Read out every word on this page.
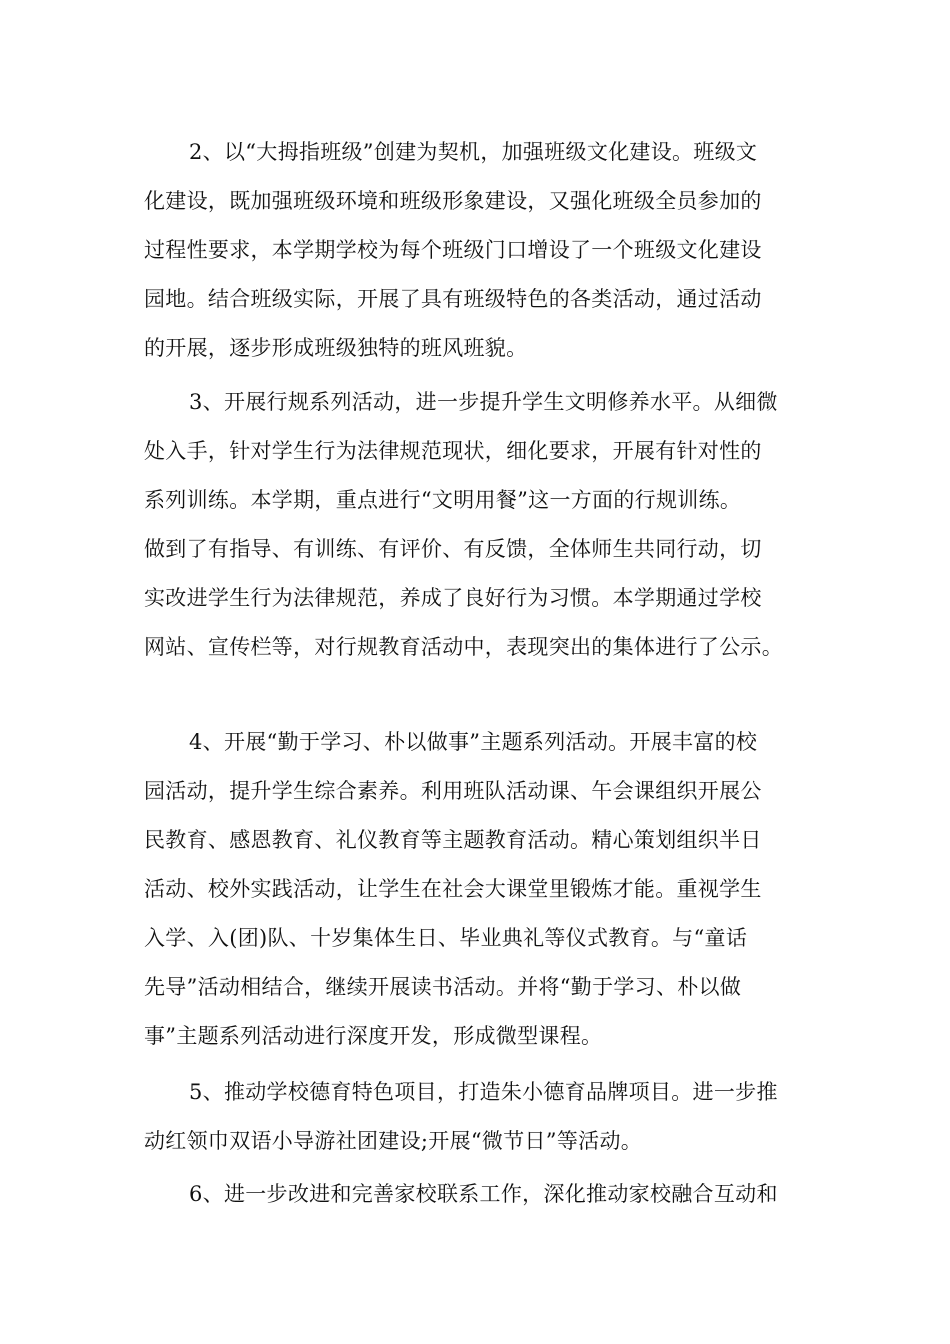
2、以“大拇指班级”创建为契机，加强班级文化建设。班级文
化建设，既加强班级环境和班级形象建设，又强化班级全员参加的
过程性要求，本学期学校为每个班级门口增设了一个班级文化建设
园地。结合班级实际，开展了具有班级特色的各类活动，通过活动
的开展，逐步形成班级独特的班风班貌。
3、开展行规系列活动，进一步提升学生文明修养水平。从细微
处入手，针对学生行为法律规范现状，细化要求，开展有针对性的
系列训练。本学期，重点进行“文明用餐”这一方面的行规训练。
做到了有指导、有训练、有评价、有反馈，全体师生共同行动，切
实改进学生行为法律规范，养成了良好行为习惯。本学期通过学校
网站、宣传栏等，对行规教育活动中，表现突出的集体进行了公示。
4、开展“勤于学习、朴以做事”主题系列活动。开展丰富的校
园活动，提升学生综合素养。利用班队活动课、午会课组织开展公
民教育、感恩教育、礼仪教育等主题教育活动。精心策划组织半日
活动、校外实践活动，让学生在社会大课堂里锻炼才能。重视学生
入学、入(团)队、十岁集体生日、毕业典礼等仪式教育。与“童话
先导”活动相结合，继续开展读书活动。并将“勤于学习、朴以做
事”主题系列活动进行深度开发，形成微型课程。
5、推动学校德育特色项目，打造朱小德育品牌项目。进一步推
动红领巾双语小导游社团建设;开展“微节日”等活动。
6、进一步改进和完善家校联系工作，深化推动家校融合互动和
